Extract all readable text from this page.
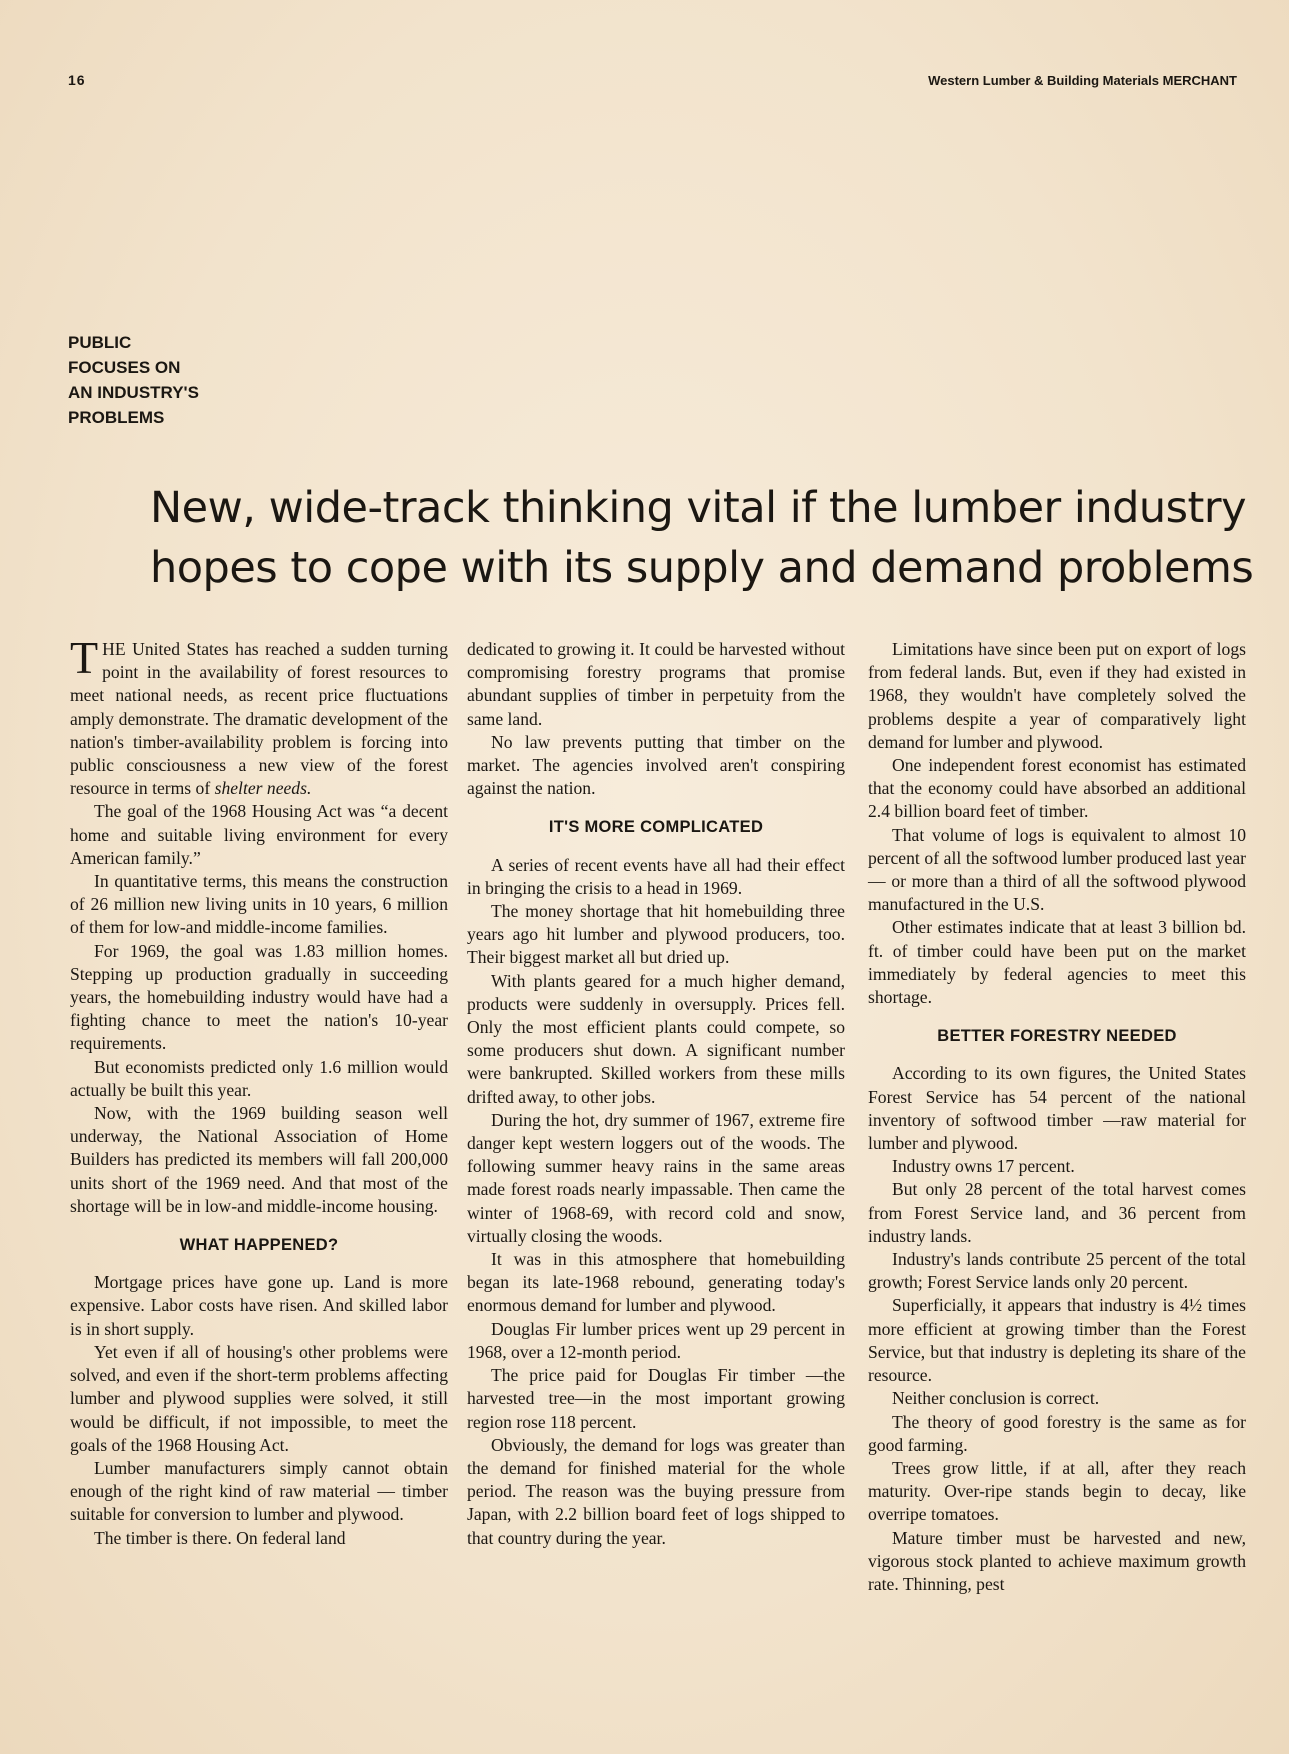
16	Western Lumber & Building Materials MERCHANT
PUBLIC
FOCUSES ON
AN INDUSTRY'S
PROBLEMS
New, wide-track thinking vital if the lumber industry
hopes to cope with its supply and demand problems

THE United States has reached a sudden turning point in the availability of forest resources to meet national needs, as recent price fluctuations amply demonstrate. The dramatic development of the nation's timber-availability problem is forcing into public consciousness a new view of the forest resource in terms of shelter needs.

The goal of the 1968 Housing Act was “a decent home and suitable living environment for every American family.”

In quantitative terms, this means the construction of 26 million new living units in 10 years, 6 million of them for low-and middle-income families.

For 1969, the goal was 1.83 million homes. Stepping up production gradually in succeeding years, the homebuilding industry would have had a fighting chance to meet the nation's 10-year requirements.

But economists predicted only 1.6 million would actually be built this year.

Now, with the 1969 building season well underway, the National Association of Home Builders has predicted its members will fall 200,000 units short of the 1969 need. And that most of the shortage will be in low-and middle-income housing.

WHAT HAPPENED?

Mortgage prices have gone up. Land is more expensive. Labor costs have risen. And skilled labor is in short supply.

Yet even if all of housing's other problems were solved, and even if the short-term problems affecting lumber and plywood supplies were solved, it still would be difficult, if not impossible, to meet the goals of the 1968 Housing Act.

Lumber manufacturers simply cannot obtain enough of the right kind of raw material — timber suitable for conversion to lumber and plywood.

The timber is there. On federal land

dedicated to growing it. It could be harvested without compromising forestry programs that promise abundant supplies of timber in perpetuity from the same land.

No law prevents putting that timber on the market. The agencies involved aren't conspiring against the nation.

IT'S MORE COMPLICATED

A series of recent events have all had their effect in bringing the crisis to a head in 1969.

The money shortage that hit homebuilding three years ago hit lumber and plywood producers, too. Their biggest market all but dried up.

With plants geared for a much higher demand, products were suddenly in oversupply. Prices fell. Only the most efficient plants could compete, so some producers shut down. A significant number were bankrupted. Skilled workers from these mills drifted away, to other jobs.

During the hot, dry summer of 1967, extreme fire danger kept western loggers out of the woods. The following summer heavy rains in the same areas made forest roads nearly impassable. Then came the winter of 1968-69, with record cold and snow, virtually closing the woods.

It was in this atmosphere that homebuilding began its late-1968 rebound, generating today's enormous demand for lumber and plywood.

Douglas Fir lumber prices went up 29 percent in 1968, over a 12-month period.

The price paid for Douglas Fir timber —the harvested tree—in the most important growing region rose 118 percent.

Obviously, the demand for logs was greater than the demand for finished material for the whole period. The reason was the buying pressure from Japan, with 2.2 billion board feet of logs shipped to that country during the year.

Limitations have since been put on export of logs from federal lands. But, even if they had existed in 1968, they wouldn't have completely solved the problems despite a year of comparatively light demand for lumber and plywood.

One independent forest economist has estimated that the economy could have absorbed an additional 2.4 billion board feet of timber.

That volume of logs is equivalent to almost 10 percent of all the softwood lumber produced last year — or more than a third of all the softwood plywood manufactured in the U.S.

Other estimates indicate that at least 3 billion bd. ft. of timber could have been put on the market immediately by federal agencies to meet this shortage.

BETTER FORESTRY NEEDED

According to its own figures, the United States Forest Service has 54 percent of the national inventory of softwood timber —raw material for lumber and plywood.

Industry owns 17 percent.

But only 28 percent of the total harvest comes from Forest Service land, and 36 percent from industry lands.

Industry's lands contribute 25 percent of the total growth; Forest Service lands only 20 percent.

Superficially, it appears that industry is 4½ times more efficient at growing timber than the Forest Service, but that industry is depleting its share of the resource.

Neither conclusion is correct.

The theory of good forestry is the same as for good farming.

Trees grow little, if at all, after they reach maturity. Over-ripe stands begin to decay, like overripe tomatoes.

Mature timber must be harvested and new, vigorous stock planted to achieve maximum growth rate. Thinning, pest
